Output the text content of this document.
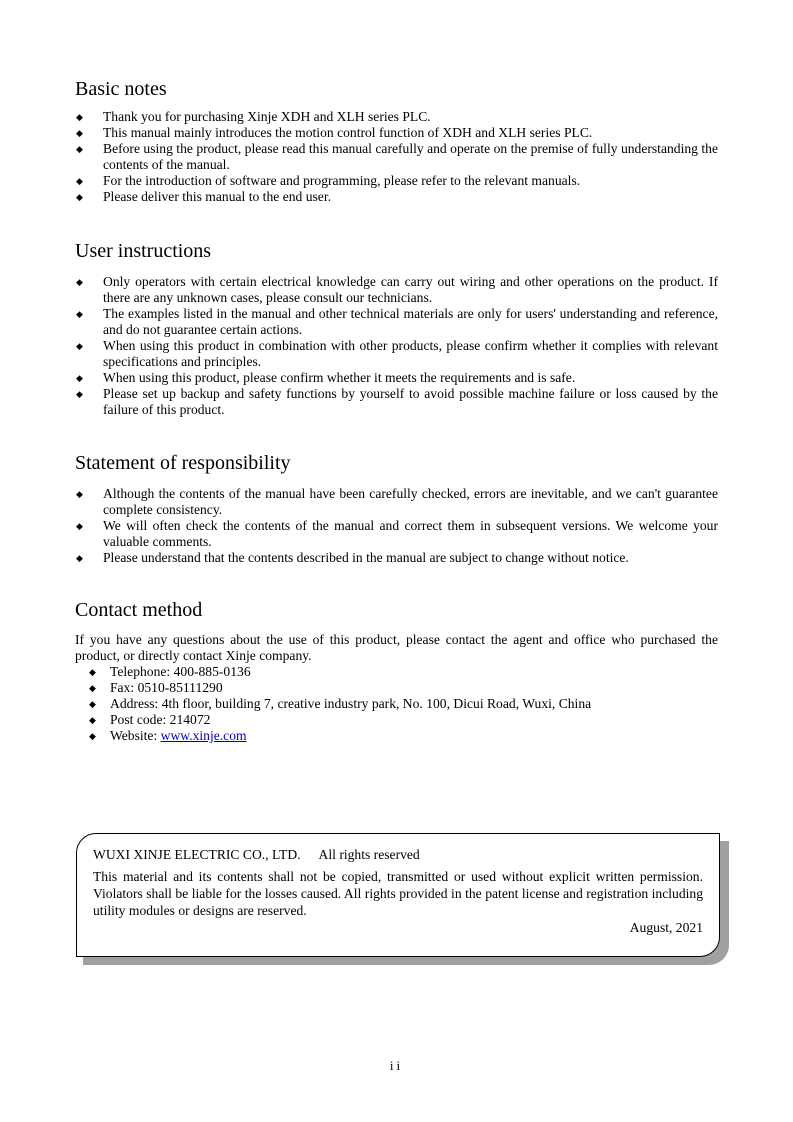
Basic notes
◆ Thank you for purchasing Xinje XDH and XLH series PLC.
◆ This manual mainly introduces the motion control function of XDH and XLH series PLC.
◆ Before using the product, please read this manual carefully and operate on the premise of fully understanding the contents of the manual.
◆ For the introduction of software and programming, please refer to the relevant manuals.
◆ Please deliver this manual to the end user.
User instructions
◆ Only operators with certain electrical knowledge can carry out wiring and other operations on the product. If there are any unknown cases, please consult our technicians.
◆ The examples listed in the manual and other technical materials are only for users' understanding and reference, and do not guarantee certain actions.
◆ When using this product in combination with other products, please confirm whether it complies with relevant specifications and principles.
◆ When using this product, please confirm whether it meets the requirements and is safe.
◆ Please set up backup and safety functions by yourself to avoid possible machine failure or loss caused by the failure of this product.
Statement of responsibility
◆ Although the contents of the manual have been carefully checked, errors are inevitable, and we can't guarantee complete consistency.
◆ We will often check the contents of the manual and correct them in subsequent versions. We welcome your valuable comments.
◆ Please understand that the contents described in the manual are subject to change without notice.
Contact method
If you have any questions about the use of this product, please contact the agent and office who purchased the product, or directly contact Xinje company.
◆ Telephone: 400-885-0136
◆ Fax: 0510-85111290
◆ Address: 4th floor, building 7, creative industry park, No. 100, Dicui Road, Wuxi, China
◆ Post code: 214072
◆ Website: www.xinje.com
WUXI XINJE ELECTRIC CO., LTD. All rights reserved
This material and its contents shall not be copied, transmitted or used without explicit written permission. Violators shall be liable for the losses caused. All rights provided in the patent license and registration including utility modules or designs are reserved.
August, 2021
ii
